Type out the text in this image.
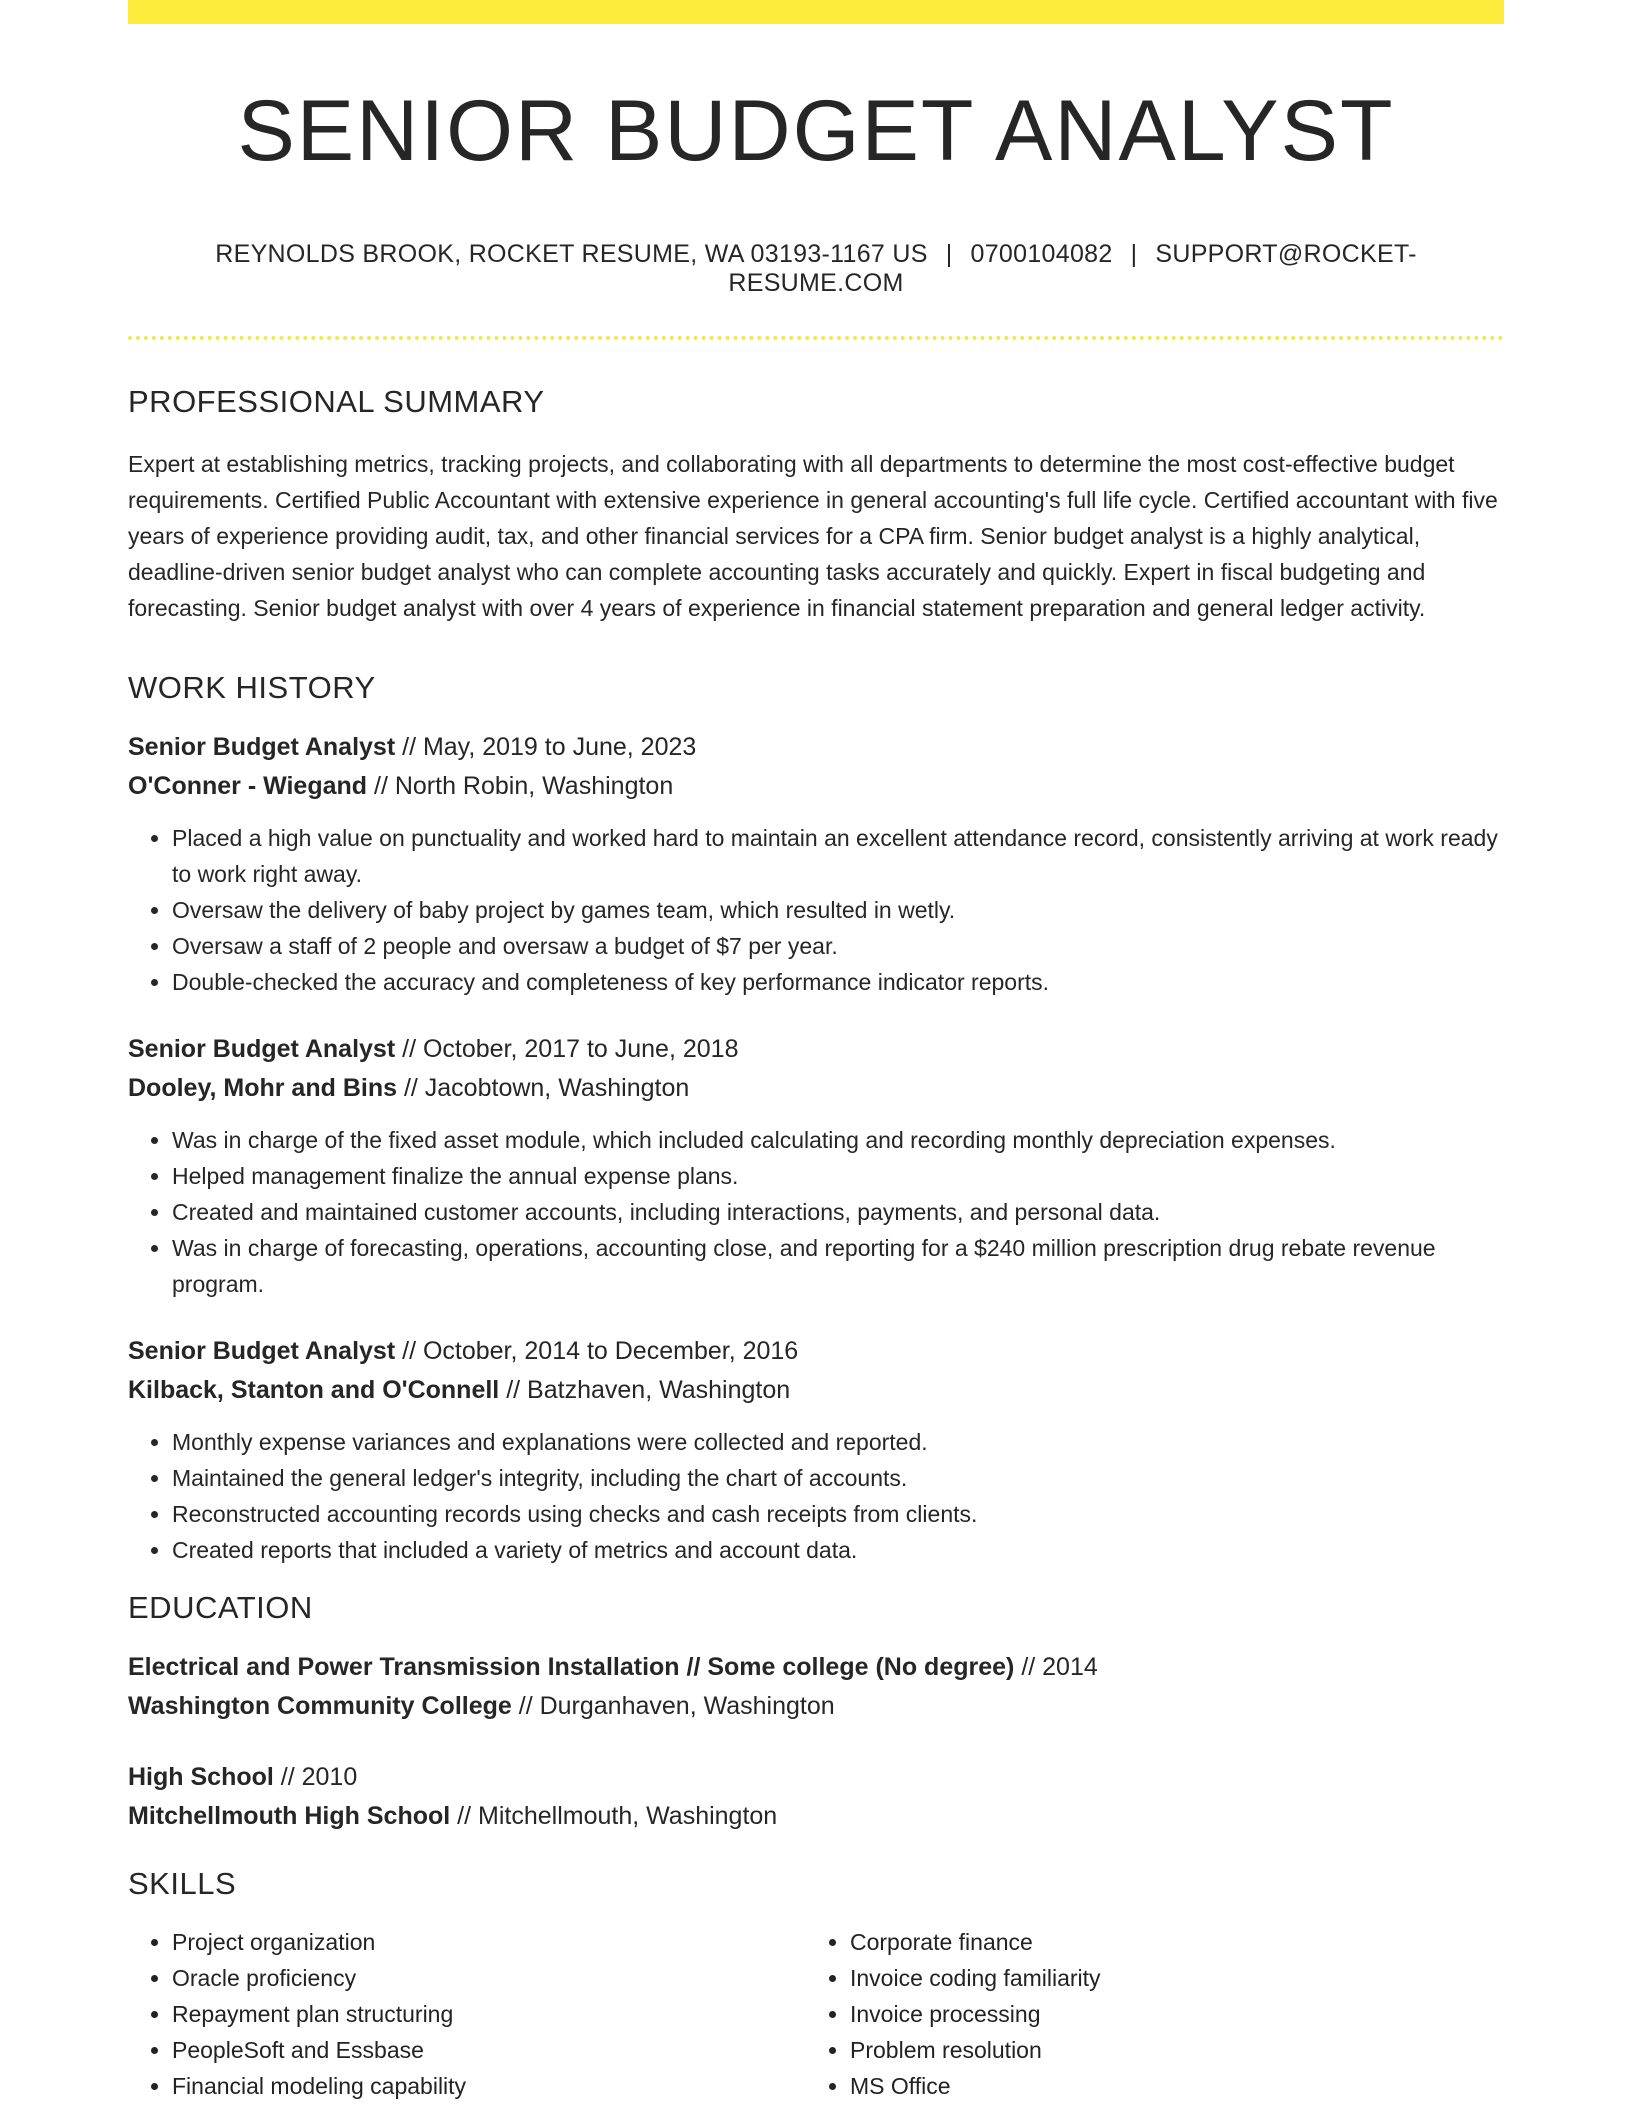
SENIOR BUDGET ANALYST
REYNOLDS BROOK, ROCKET RESUME, WA 03193-1167 US | 0700104082 | SUPPORT@ROCKET-RESUME.COM
PROFESSIONAL SUMMARY

Expert at establishing metrics, tracking projects, and collaborating with all departments to determine the most cost-effective budget requirements. Certified Public Accountant with extensive experience in general accounting's full life cycle. Certified accountant with five years of experience providing audit, tax, and other financial services for a CPA firm. Senior budget analyst is a highly analytical, deadline-driven senior budget analyst who can complete accounting tasks accurately and quickly. Expert in fiscal budgeting and forecasting. Senior budget analyst with over 4 years of experience in financial statement preparation and general ledger activity.

WORK HISTORY
Senior Budget Analyst // May, 2019 to June, 2023
O'Conner - Wiegand // North Robin, Washington
• Placed a high value on punctuality and worked hard to maintain an excellent attendance record, consistently arriving at work ready to work right away.
• Oversaw the delivery of baby project by games team, which resulted in wetly.
• Oversaw a staff of 2 people and oversaw a budget of $7 per year.
• Double-checked the accuracy and completeness of key performance indicator reports.
Senior Budget Analyst // October, 2017 to June, 2018
Dooley, Mohr and Bins // Jacobtown, Washington
• Was in charge of the fixed asset module, which included calculating and recording monthly depreciation expenses.
• Helped management finalize the annual expense plans.
• Created and maintained customer accounts, including interactions, payments, and personal data.
• Was in charge of forecasting, operations, accounting close, and reporting for a $240 million prescription drug rebate revenue program.
Senior Budget Analyst // October, 2014 to December, 2016
Kilback, Stanton and O'Connell // Batzhaven, Washington
• Monthly expense variances and explanations were collected and reported.
• Maintained the general ledger's integrity, including the chart of accounts.
• Reconstructed accounting records using checks and cash receipts from clients.
• Created reports that included a variety of metrics and account data.
EDUCATION
Electrical and Power Transmission Installation // Some college (No degree) // 2014
Washington Community College // Durganhaven, Washington
High School // 2010
Mitchellmouth High School // Mitchellmouth, Washington
SKILLS
• Project organization
• Oracle proficiency
• Repayment plan structuring
• PeopleSoft and Essbase
• Financial modeling capability
• Corporate finance
• Invoice coding familiarity
• Invoice processing
• Problem resolution
• MS Office
